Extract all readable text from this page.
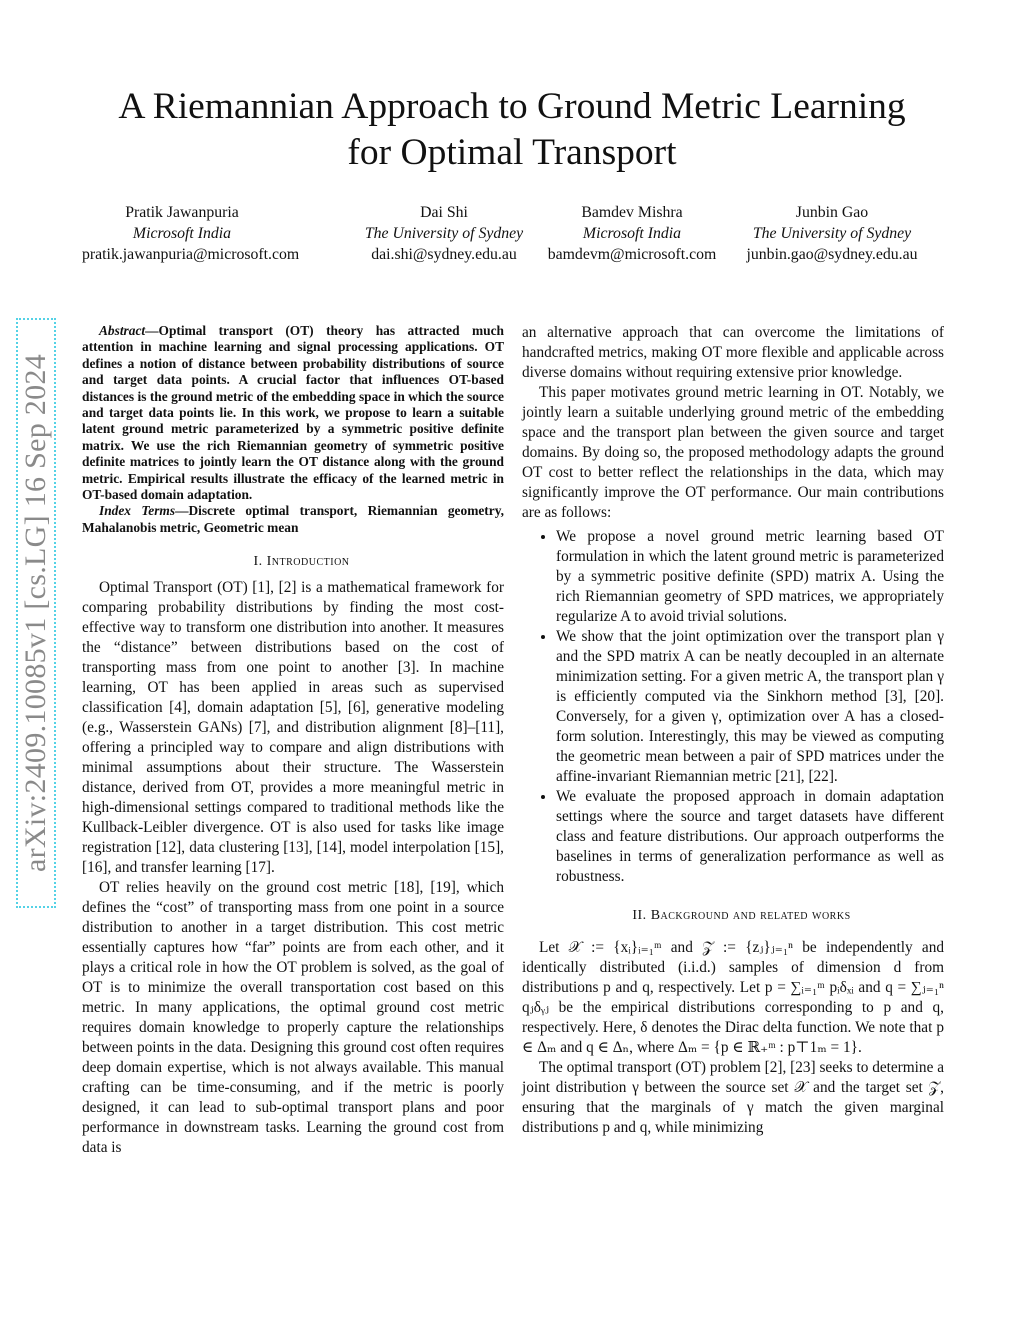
A Riemannian Approach to Ground Metric Learning
for Optimal Transport
Pratik Jawanpuria
Microsoft India
pratik.jawanpuria@microsoft.com
Dai Shi
The University of Sydney
dai.shi@sydney.edu.au
Bamdev Mishra
Microsoft India
bamdevm@microsoft.com
Junbin Gao
The University of Sydney
junbin.gao@sydney.edu.au
arXiv:2409.10085v1 [cs.LG] 16 Sep 2024

Abstract—Optimal transport (OT) theory has attracted much attention in machine learning and signal processing applications. OT defines a notion of distance between probability distributions of source and target data points. A crucial factor that influences OT-based distances is the ground metric of the embedding space in which the source and target data points lie. In this work, we propose to learn a suitable latent ground metric parameterized by a symmetric positive definite matrix. We use the rich Riemannian geometry of symmetric positive definite matrices to jointly learn the OT distance along with the ground metric. Empirical results illustrate the efficacy of the learned metric in OT-based domain adaptation.

Index Terms—Discrete optimal transport, Riemannian geometry, Mahalanobis metric, Geometric mean

I. Introduction

Optimal Transport (OT) [1], [2] is a mathematical framework for comparing probability distributions by finding the most cost-effective way to transform one distribution into another. It measures the “distance” between distributions based on the cost of transporting mass from one point to another [3]. In machine learning, OT has been applied in areas such as supervised classification [4], domain adaptation [5], [6], generative modeling (e.g., Wasserstein GANs) [7], and distribution alignment [8]–[11], offering a principled way to compare and align distributions with minimal assumptions about their structure. The Wasserstein distance, derived from OT, provides a more meaningful metric in high-dimensional settings compared to traditional methods like the Kullback-Leibler divergence. OT is also used for tasks like image registration [12], data clustering [13], [14], model interpolation [15], [16], and transfer learning [17].

OT relies heavily on the ground cost metric [18], [19], which defines the “cost” of transporting mass from one point in a source distribution to another in a target distribution. This cost metric essentially captures how “far” points are from each other, and it plays a critical role in how the OT problem is solved, as the goal of OT is to minimize the overall transportation cost based on this metric. In many applications, the optimal ground cost metric requires domain knowledge to properly capture the relationships between points in the data. Designing this ground cost often requires deep domain expertise, which is not always available. This manual crafting can be time-consuming, and if the metric is poorly designed, it can lead to sub-optimal transport plans and poor performance in downstream tasks. Learning the ground cost from data is

an alternative approach that can overcome the limitations of handcrafted metrics, making OT more flexible and applicable across diverse domains without requiring extensive prior knowledge.

This paper motivates ground metric learning in OT. Notably, we jointly learn a suitable underlying ground metric of the embedding space and the transport plan between the given source and target domains. By doing so, the proposed methodology adapts the ground OT cost to better reflect the relationships in the data, which may significantly improve the OT performance. Our main contributions are as follows:

• We propose a novel ground metric learning based OT formulation in which the latent ground metric is parameterized by a symmetric positive definite (SPD) matrix A. Using the rich Riemannian geometry of SPD matrices, we appropriately regularize A to avoid trivial solutions.
• We show that the joint optimization over the transport plan γ and the SPD matrix A can be neatly decoupled in an alternate minimization setting. For a given metric A, the transport plan γ is efficiently computed via the Sinkhorn method [3], [20]. Conversely, for a given γ, optimization over A has a closed-form solution. Interestingly, this may be viewed as computing the geometric mean between a pair of SPD matrices under the affine-invariant Riemannian metric [21], [22].
• We evaluate the proposed approach in domain adaptation settings where the source and target datasets have different class and feature distributions. Our approach outperforms the baselines in terms of generalization performance as well as robustness.

II. Background and related works

Let 𝒳 := {xᵢ}ᵢ₌₁ᵐ and 𝒵 := {zⱼ}ⱼ₌₁ⁿ be independently and identically distributed (i.i.d.) samples of dimension d from distributions p and q, respectively. Let p = ∑ᵢ₌₁ᵐ pᵢδₓᵢ and q = ∑ⱼ₌₁ⁿ qⱼδᵧⱼ be the empirical distributions corresponding to p and q, respectively. Here, δ denotes the Dirac delta function. We note that p ∈ Δₘ and q ∈ Δₙ, where Δₘ = {p ∈ ℝ₊ᵐ : p⊤1ₘ = 1}.

The optimal transport (OT) problem [2], [23] seeks to determine a joint distribution γ between the source set 𝒳 and the target set 𝒵, ensuring that the marginals of γ match the given marginal distributions p and q, while minimizing
